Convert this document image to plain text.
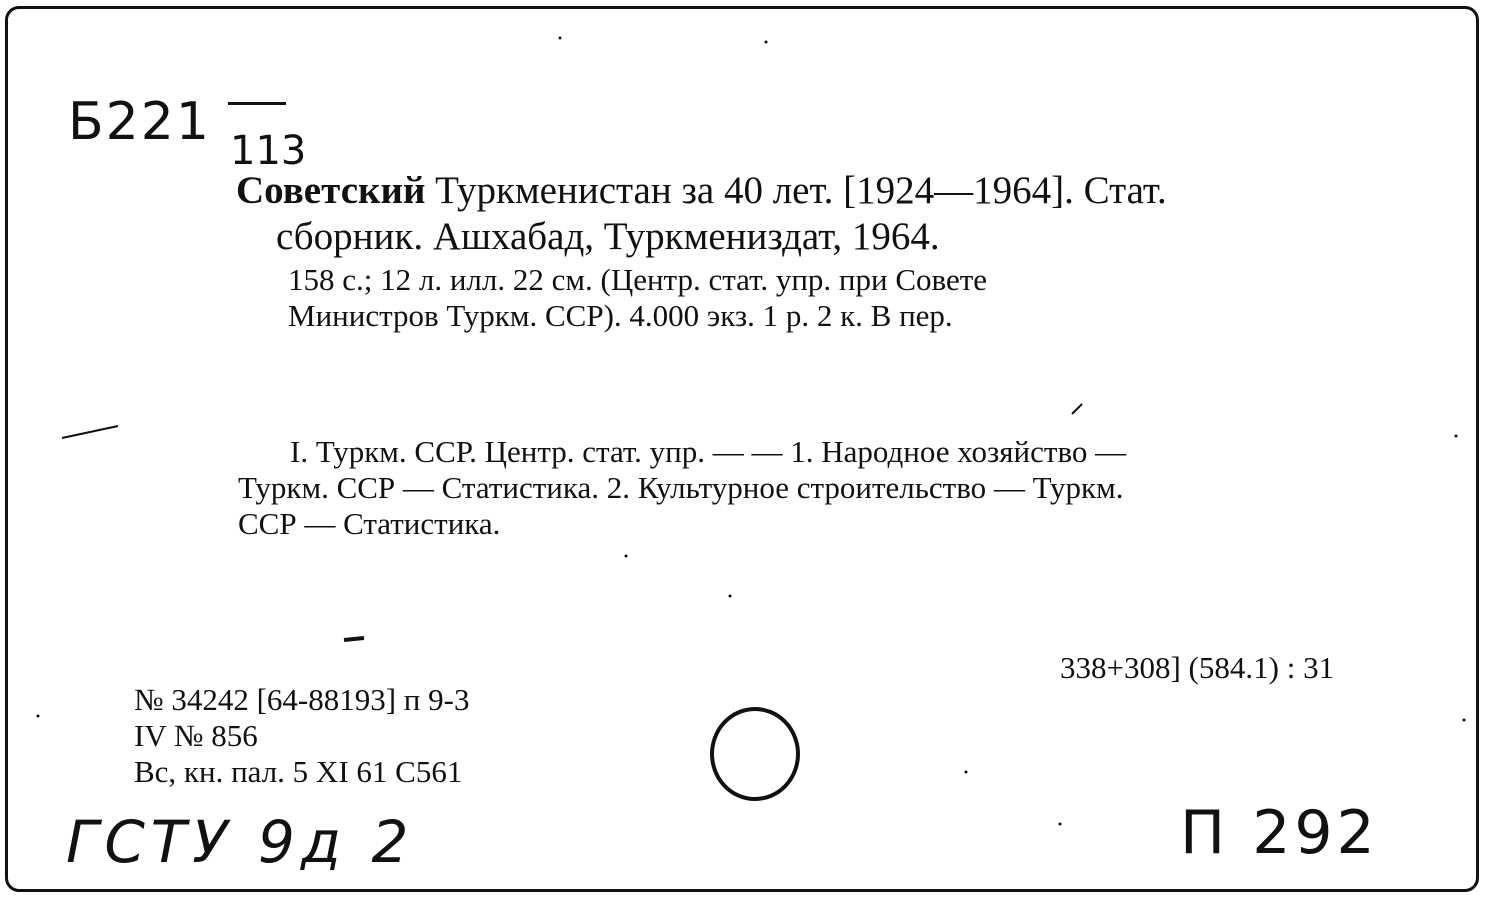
Б221 113
Советский Туркменистан за 40 лет. [1924—1964]. Стат.
сборник. Ашхабад, Туркмениздат, 1964.
158 с.; 12 л. илл. 22 см. (Центр. стат. упр. при Совете
Министров Туркм. ССР). 4.000 экз. 1 р. 2 к. В пер.
I. Туркм. ССР. Центр. стат. упр. — — 1. Народное хозяйство —
Туркм. ССР — Статистика. 2. Культурное строительство — Туркм.
ССР — Статистика.
338+308] (584.1) : 31
№ 34242 [64-88193] п 9-3
IV № 856
Вс, кн. пал. 5 XI 61 С561
ГСТУ 9д 2	П 292
